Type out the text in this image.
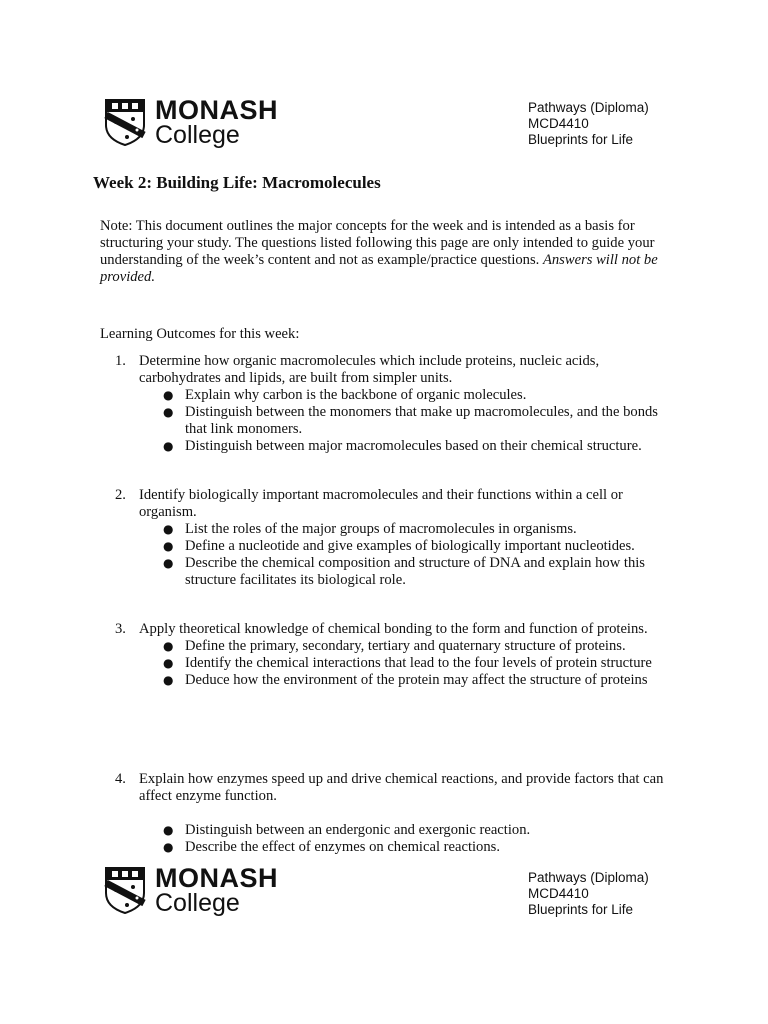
MONASH
College
Pathways (Diploma)
MCD4410
Blueprints for Life
Week 2: Building Life: Macromolecules

Note: This document outlines the major concepts for the week and is intended as a basis for structuring your study. The questions listed following this page are only intended to guide your understanding of the week’s content and not as example/practice questions. Answers will not be provided.

Learning Outcomes for this week:
1. Determine how organic macromolecules which include proteins, nucleic acids, carbohydrates and lipids, are built from simpler units.
● Explain why carbon is the backbone of organic molecules.
● Distinguish between the monomers that make up macromolecules, and the bonds that link monomers.
● Distinguish between major macromolecules based on their chemical structure.
2. Identify biologically important macromolecules and their functions within a cell or organism.
● List the roles of the major groups of macromolecules in organisms.
● Define a nucleotide and give examples of biologically important nucleotides.
● Describe the chemical composition and structure of DNA and explain how this structure facilitates its biological role.
3. Apply theoretical knowledge of chemical bonding to the form and function of proteins.
● Define the primary, secondary, tertiary and quaternary structure of proteins.
● Identify the chemical interactions that lead to the four levels of protein structure
● Deduce how the environment of the protein may affect the structure of proteins
4. Explain how enzymes speed up and drive chemical reactions, and provide factors that can affect enzyme function.
● Distinguish between an endergonic and exergonic reaction.
● Describe the effect of enzymes on chemical reactions.
MONASH
College
Pathways (Diploma)
MCD4410
Blueprints for Life
